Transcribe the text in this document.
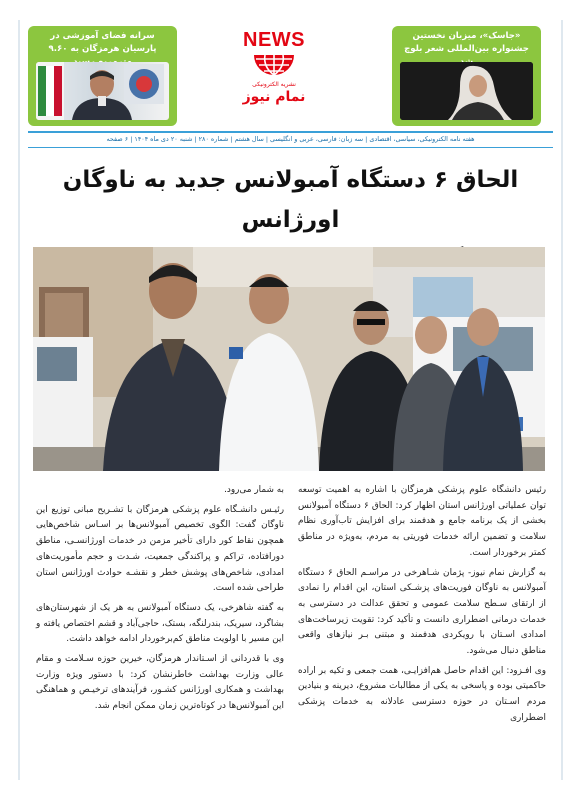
سرانه فضای آموزشی در پارسیان هرمزگان به ۹.۶۰	NEWS
نشریه الکترونیکی
نمام نیوز
«جاسک»، میزبان نخستین جشنواره بین‌المللی شعر بلوچ
هفته نامه الکترونیکی، سیاسی، اقتصادی | سه زبان: فارسی، عربی و انگلیسی | سال هشتم | شماره ۲۸۰ | شنبه ۲۰ دی ماه ۱۴۰۴ | ۶ صفحه
الحاق ۶ دستگاه آمبولانس جدید به ناوگان اورژانس

رئیس دانشگاه علوم پزشکی هرمزگان با اشاره به اهمیت توسعه توان عملیاتی اورژانس استان اظهار کرد: الحاق ۶ دستگاه آمبولانس بخشی از یک برنامه جامع و هدفمند برای افزایش تاب‌آوری نظام سلامت و تضمین ارائه خدمات فوریتی به مردم، به‌ویژه در مناطق کمتر برخوردار است.

به گزارش نمام نیوز- پژمان شـاهرخی در مراسـم الحاق ۶ دستگاه آمبولانس به ناوگان فوریت‌های پزشـکی استان، این اقدام را نمادی از ارتقای سـطح سلامت عمومی و تحقق عدالت در دسترسی به خدمات درمانی اضطراری دانست و تأکید کرد: تقویت زیرساخت‌های امدادی اسـتان با رویکردی هدفمند و مبتنی بـر نیازهای واقعی مناطق دنبال می‌شود.

وی افـزود: این اقدام حاصل هم‌افزایـی، همت جمعی و تکیه بر اراده حاکمیتی بوده و پاسخی به یکی از مطالبات مشروع، دیرینه و بنیادین مردم اسـتان در حوزه دسترسی عادلانه به خدمات پزشکی اضطراری

به شمار می‌رود.

رئیـس دانشـگاه علوم پزشکی هرمزگان با تشـریح مبانی توزیع این ناوگان گفت: الگوی تخصیص آمبولانس‌ها بر اسـاس شاخص‌هایی همچون نقاط کور دارای تأخیر مزمن در خدمات اورژانسـی، مناطق دورافتاده، تراکم و پراکندگی جمعیت، شـدت و حجم مأموریت‌های امدادی، شاخص‌های پوشش خطر و نقشـه حوادث اورژانس استان طراحی شده است.

به گفته شاهرخی، یک دستگاه آمبولانس به هر یک از شهرستان‌های بشاگرد، سیریک، بندرلنگه، بستک، حاجی‌آباد و قشم اختصاص یافته و این مسیر با اولویت مناطق کم‌برخوردار ادامه خواهد داشت.

وی با قدردانی از اسـتاندار هرمزگان، خیرین حوزه سـلامت و مقام عالی وزارت بهداشت خاطرنشان کرد: با دستور ویژه وزارت بهداشت و همکاری اورژانس کشـور، فرآیندهای ترخیـص و هماهنگی این آمبولانس‌ها در کوتاه‌ترین زمان ممکن انجام شد.
